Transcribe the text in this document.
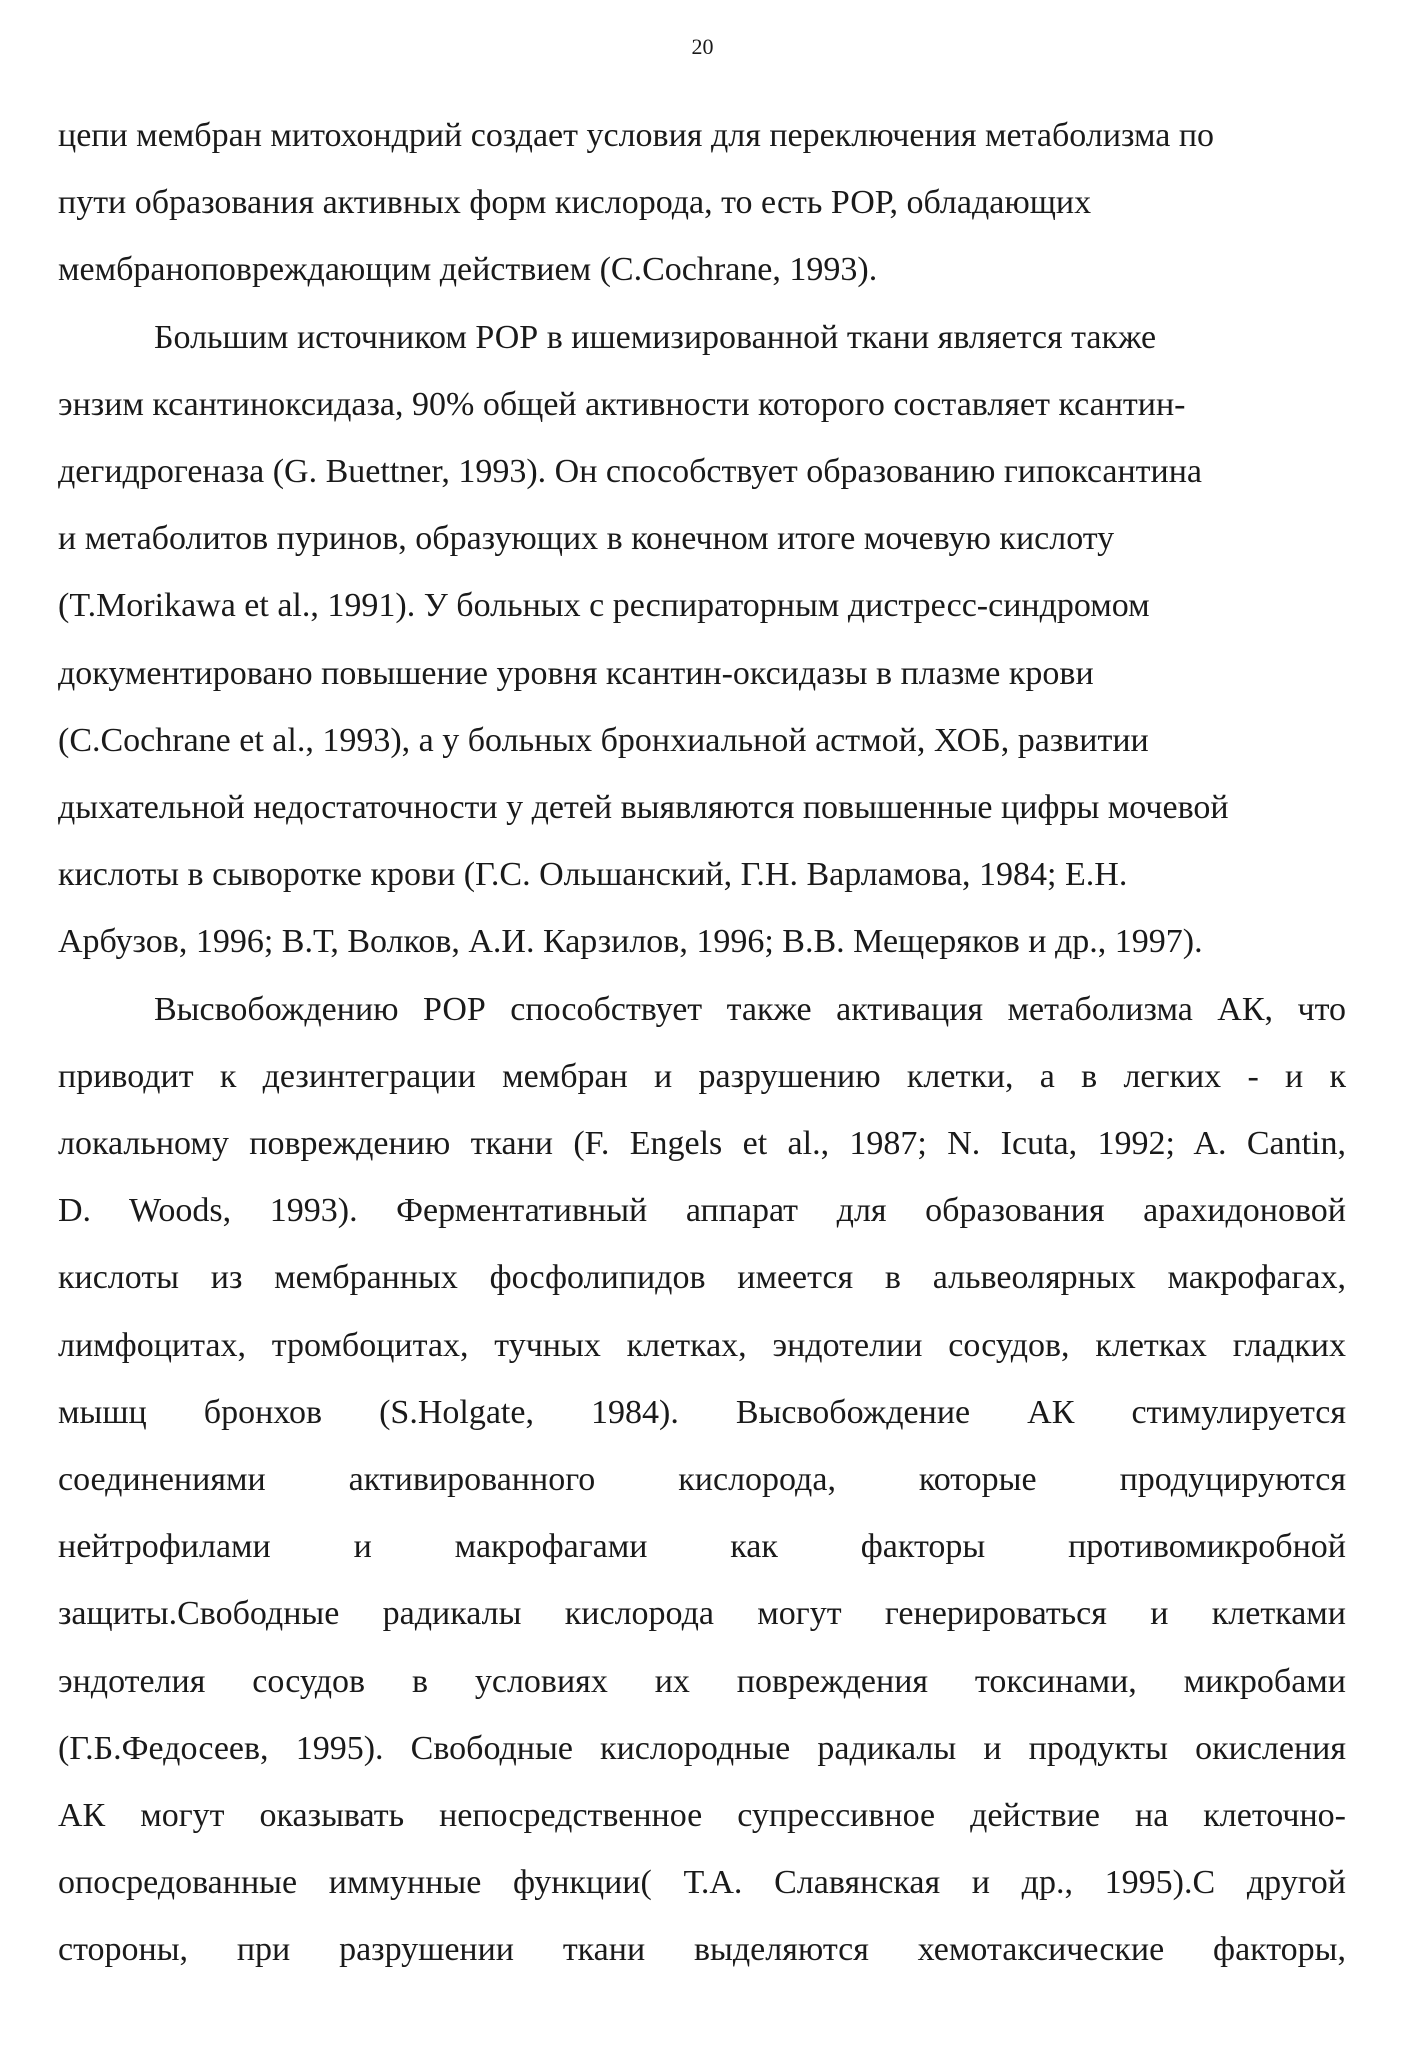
20

цепи мембран митохондрий создает условия для переключения метаболизма по
пути образования активных форм кислорода, то есть РОР, обладающих
мембраноповреждающим действием (C.Cochrane, 1993).

Большим источником РОР в ишемизированной ткани является также
энзим ксантиноксидаза, 90% общей активности которого составляет ксантин-
дегидрогеназа (G. Buettner, 1993). Он способствует образованию гипоксантина
и метаболитов пуринов, образующих в конечном итоге мочевую кислоту
(T.Morikawa et al., 1991). У больных с респираторным дистресс-синдромом
документировано повышение уровня ксантин-оксидазы в плазме крови
(C.Cochrane et al., 1993), а у больных бронхиальной астмой, ХОБ, развитии
дыхательной недостаточности у детей выявляются повышенные цифры мочевой
кислоты в сыворотке крови (Г.С. Ольшанский, Г.Н. Варламова, 1984; Е.Н.
Арбузов, 1996; В.Т, Волков, А.И. Карзилов, 1996; В.В. Мещеряков и др., 1997).

Высвобождению РОР способствует также активация метаболизма АК, что
приводит к дезинтеграции мембран и разрушению клетки, а в легких - и к
локальному повреждению ткани (F. Engels et al., 1987; N. Icuta, 1992; A. Cantin,
D. Woods, 1993). Ферментативный аппарат для образования арахидоновой
кислоты из мембранных фосфолипидов имеется в альвеолярных макрофагах,
лимфоцитах, тромбоцитах, тучных клетках, эндотелии сосудов, клетках гладких
мышц бронхов (S.Holgate, 1984). Высвобождение АК стимулируется
соединениями активированного кислорода, которые продуцируются
нейтрофилами и макрофагами как факторы противомикробной
защиты.Свободные радикалы кислорода могут генерироваться и клетками
эндотелия сосудов в условиях их повреждения токсинами, микробами
(Г.Б.Федосеев, 1995). Свободные кислородные радикалы и продукты окисления
АК могут оказывать непосредственное супрессивное действие на клеточно-
опосредованные иммунные функции( Т.А. Славянская и др., 1995).С другой
стороны, при разрушении ткани выделяются хемотаксические факторы,
